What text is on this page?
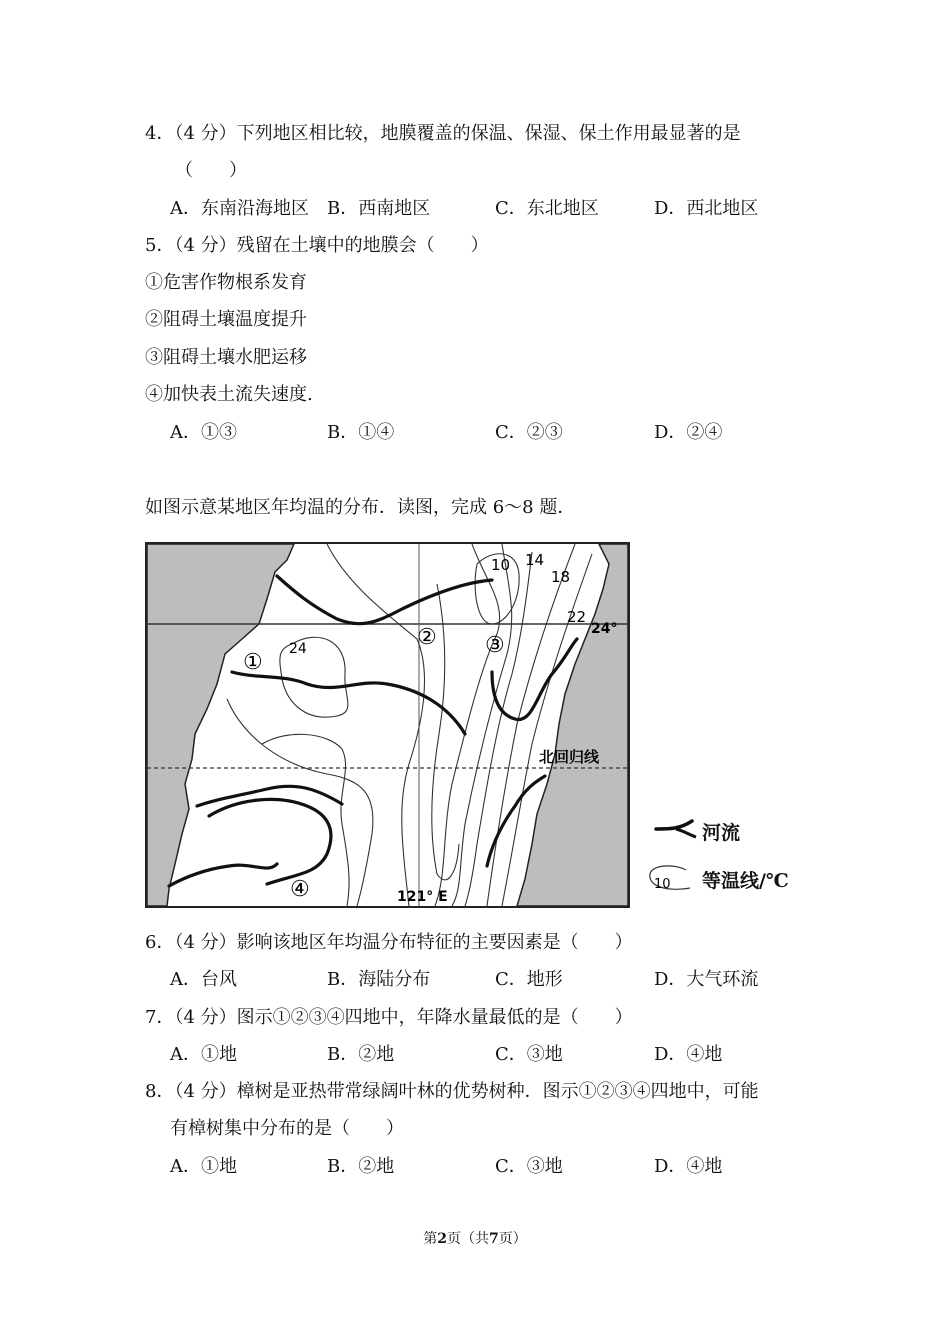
4．（4 分）下列地区相比较，地膜覆盖的保温、保湿、保土作用最显著的是
（　　）
A．东南沿海地区 B．西南地区	C．东北地区	D．西北地区
5．（4 分）残留在土壤中的地膜会（　　）
①危害作物根系发育
②阻碍土壤温度提升
③阻碍土壤水肥运移
④加快表土流失速度.
A．①③	B．①④	C．②③	D．②④
如图示意某地区年均温的分布．读图，完成 6～8 题．
10 14
18
22
24
24°
北回归线
121° E
①
② ③
④
河流
10 等温线/℃
6．（4 分）影响该地区年均温分布特征的主要因素是（　　）
A．台风	B．海陆分布	C．地形	D．大气环流
7．（4 分）图示①②③④四地中，年降水量最低的是（　　）
A．①地	B．②地	C．③地	D．④地
8．（4 分）樟树是亚热带常绿阔叶林的优势树种．图示①②③④四地中，可能
有樟树集中分布的是（　　）
A．①地	B．②地	C．③地	D．④地
第2页（共7页）
